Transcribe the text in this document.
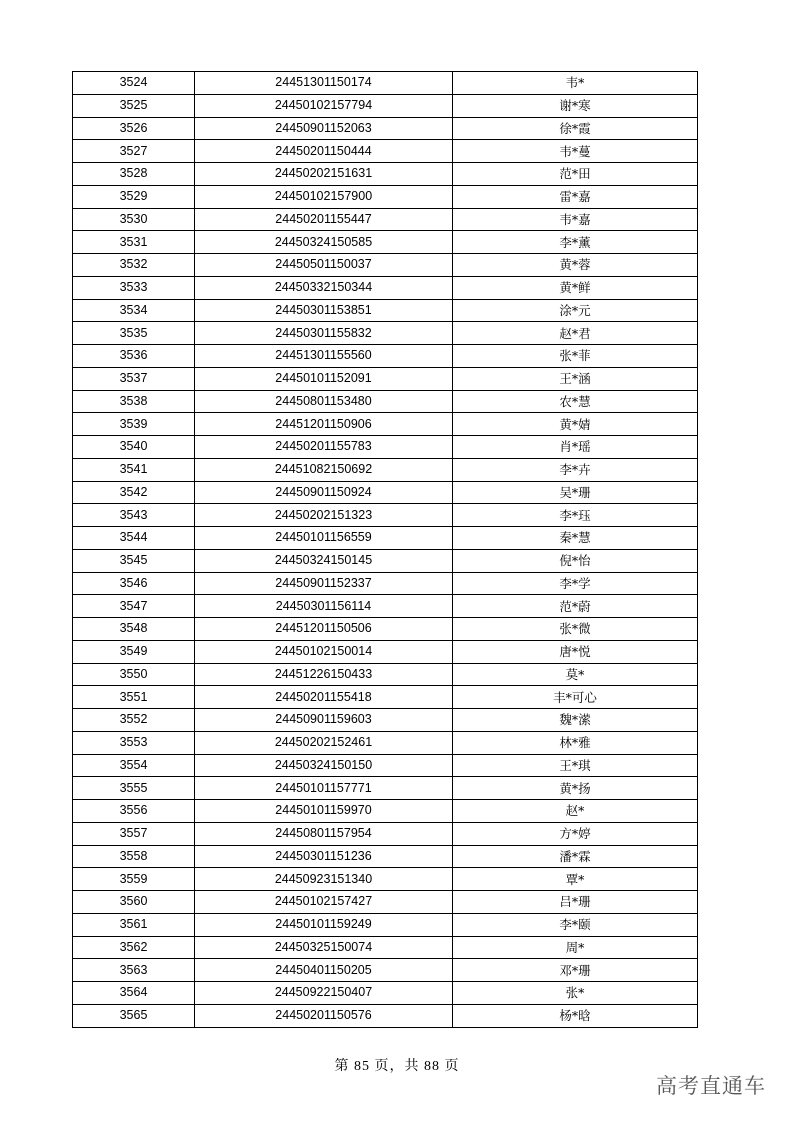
3524	24451301150174	韦*
3525	24450102157794	谢*寒
3526	24450901152063	徐*霞
3527	24450201150444	韦*蔓
3528	24450202151631	范*田
3529	24450102157900	雷*嘉
3530	24450201155447	韦*嘉
3531	24450324150585	李*薰
3532	24450501150037	黄*蓉
3533	24450332150344	黄*鲜
3534	24450301153851	涂*元
3535	24450301155832	赵*君
3536	24451301155560	张*菲
3537	24450101152091	王*涵
3538	24450801153480	农*慧
3539	24451201150906	黄*婧
3540	24450201155783	肖*瑶
3541	24451082150692	李*卉
3542	24450901150924	吴*珊
3543	24450202151323	李*珏
3544	24450101156559	秦*慧
3545	24450324150145	倪*怡
3546	24450901152337	李*学
3547	24450301156114	范*蔚
3548	24451201150506	张*微
3549	24450102150014	唐*悦
3550	24451226150433	莫*
3551	24450201155418	丰*可心
3552	24450901159603	魏*潆
3553	24450202152461	林*雅
3554	24450324150150	王*琪
3555	24450101157771	黄*扬
3556	24450101159970	赵*
3557	24450801157954	方*婷
3558	24450301151236	潘*霖
3559	24450923151340	覃*
3560	24450102157427	吕*珊
3561	24450101159249	李*颐
3562	24450325150074	周*
3563	24450401150205	邓*珊
3564	24450922150407	张*
3565	24450201150576	杨*晗
第 85 页，共 88 页
高考直通车
